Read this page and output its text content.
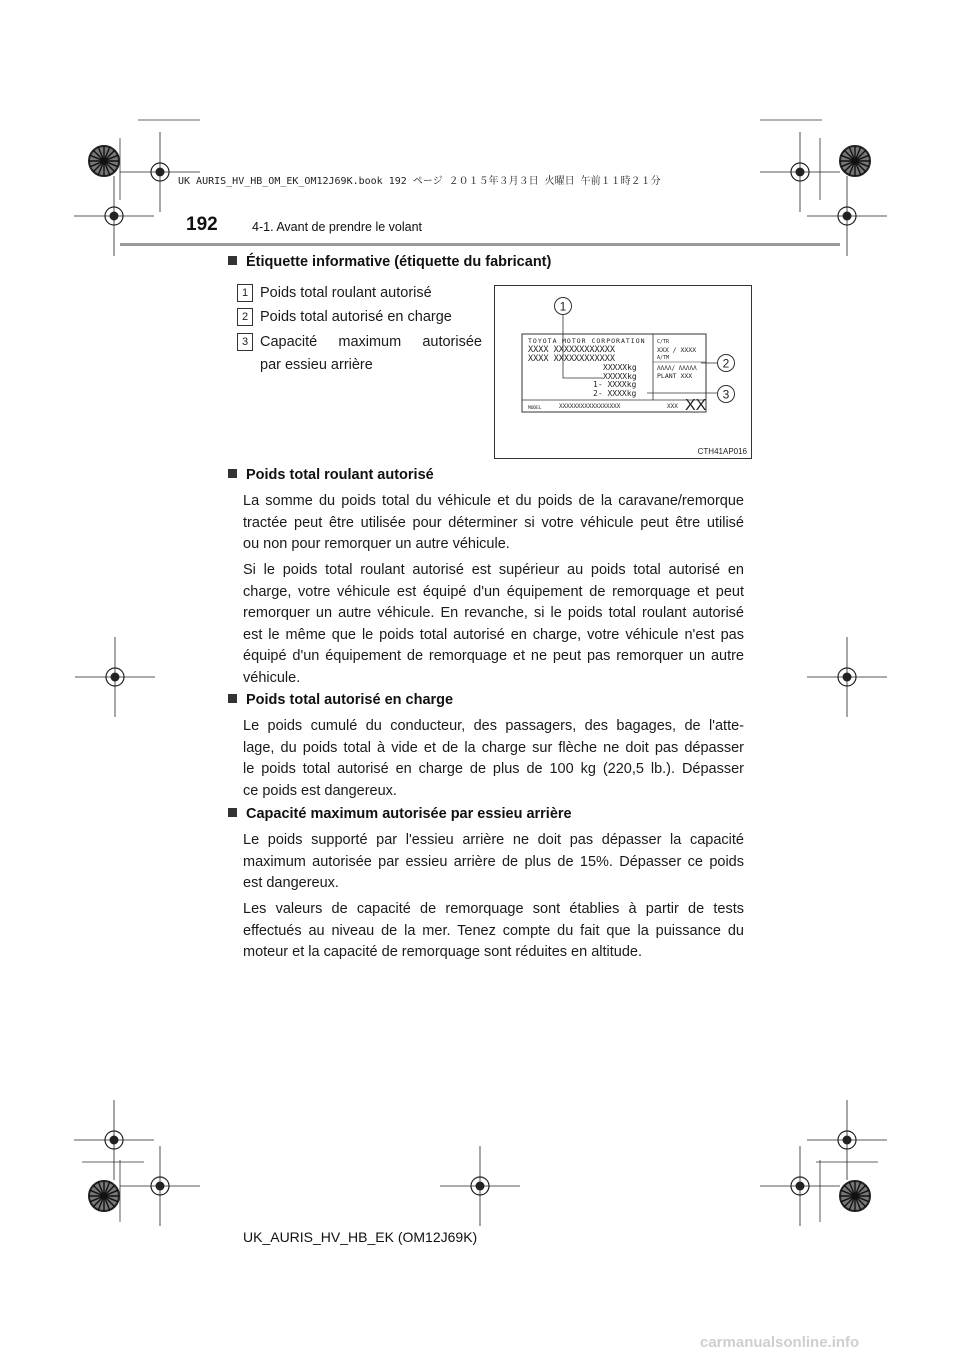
UK AURIS_HV_HB_OM_EK_OM12J69K.book 192 ページ ２０１５年３月３日 火曜日 午前１１時２１分
192	4-1. Avant de prendre le volant
Étiquette informative (étiquette du fabricant)
1 Poids total roulant autorisé
2 Poids total autorisé en charge
3 Capacité maximum autorisée
par essieu arrière
TOYOTA MOTOR CORPORATION
XXXX XXXXXXXXXXXX
XXXX XXXXXXXXXXXX
XXXXXkg
XXXXXkg
1- XXXXkg
2- XXXXkg
C/TR
XXX / XXXX
A/TM
ΛΛΛΛ/ ΛΛΛΛΛ
PLANT XXX
MODEL	XXXXXXXXXXXXXXXXX	XXX XX
1
2
3
CTH41AP016
Poids total roulant autorisé
La somme du poids total du véhicule et du poids de la caravane/remorque
tractée peut être utilisée pour déterminer si votre véhicule peut être utilisé
ou non pour remorquer un autre véhicule.
Si le poids total roulant autorisé est supérieur au poids total autorisé en
charge, votre véhicule est équipé d'un équipement de remorquage et peut
remorquer un autre véhicule. En revanche, si le poids total roulant autorisé
est le même que le poids total autorisé en charge, votre véhicule n'est pas
équipé d'un équipement de remorquage et ne peut pas remorquer un autre
véhicule.
Poids total autorisé en charge
Le poids cumulé du conducteur, des passagers, des bagages, de l'atte-
lage, du poids total à vide et de la charge sur flèche ne doit pas dépasser
le poids total autorisé en charge de plus de 100 kg (220,5 lb.). Dépasser
ce poids est dangereux.
Capacité maximum autorisée par essieu arrière
Le poids supporté par l'essieu arrière ne doit pas dépasser la capacité
maximum autorisée par essieu arrière de plus de 15%. Dépasser ce poids
est dangereux.
Les valeurs de capacité de remorquage sont établies à partir de tests
effectués au niveau de la mer. Tenez compte du fait que la puissance du
moteur et la capacité de remorquage sont réduites en altitude.
UK_AURIS_HV_HB_EK (OM12J69K)
carmanualsonline.info
